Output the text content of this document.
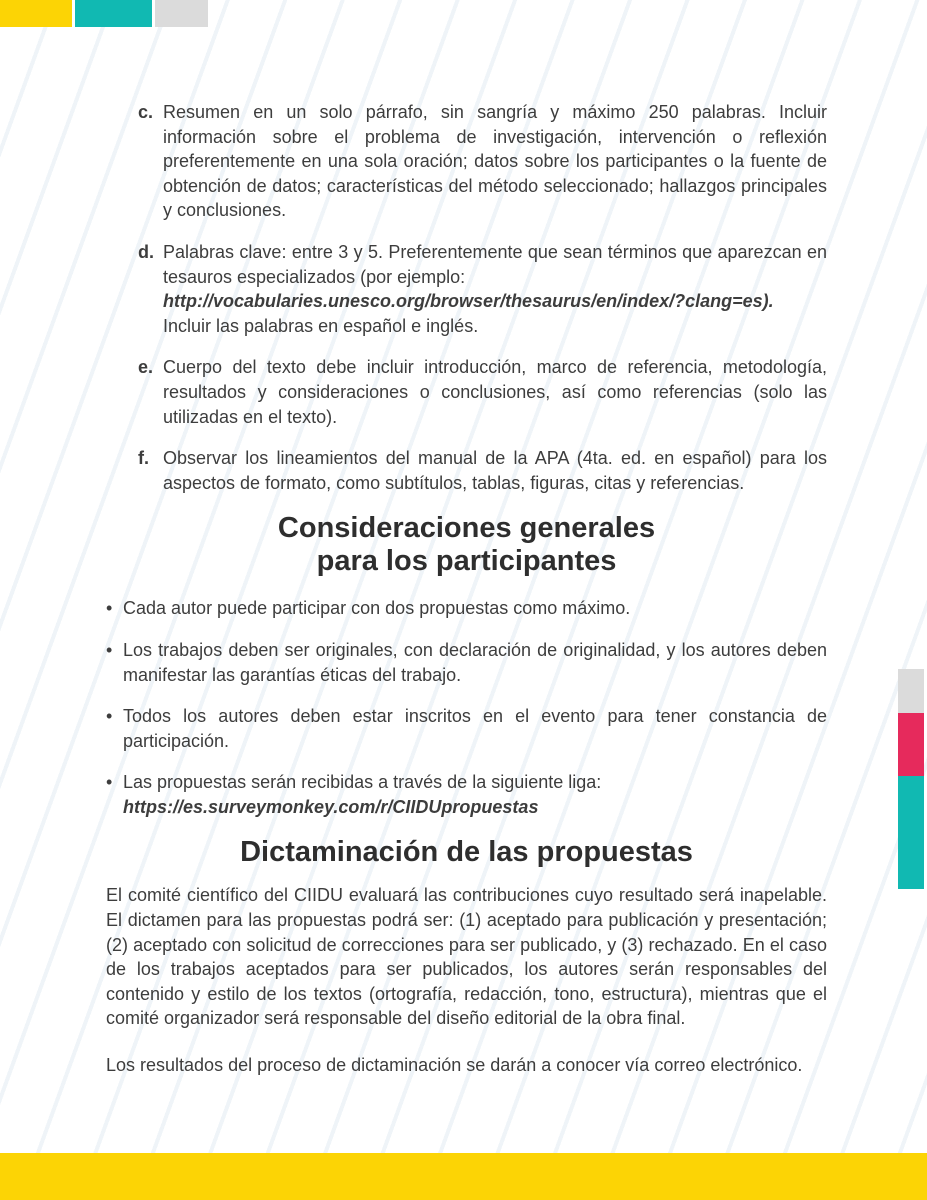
c. Resumen en un solo párrafo, sin sangría y máximo 250 palabras. Incluir información sobre el problema de investigación, intervención o reflexión preferentemente en una sola oración; datos sobre los participantes o la fuente de obtención de datos; características del método seleccionado; hallazgos principales y conclusiones.
d. Palabras clave: entre 3 y 5. Preferentemente que sean términos que aparezcan en tesauros especializados (por ejemplo:
http://vocabularies.unesco.org/browser/thesaurus/en/index/?clang=es).
Incluir las palabras en español e inglés.
e. Cuerpo del texto debe incluir introducción, marco de referencia, metodología, resultados y consideraciones o conclusiones, así como referencias (solo las utilizadas en el texto).
f. Observar los lineamientos del manual de la APA (4ta. ed. en español) para los aspectos de formato, como subtítulos, tablas, figuras, citas y referencias.
Consideraciones generales
para los participantes
• Cada autor puede participar con dos propuestas como máximo.
• Los trabajos deben ser originales, con declaración de originalidad, y los autores deben manifestar las garantías éticas del trabajo.
• Todos los autores deben estar inscritos en el evento para tener constancia de participación.
• Las propuestas serán recibidas a través de la siguiente liga:
https://es.surveymonkey.com/r/CIIDUpropuestas
Dictaminación de las propuestas

El comité científico del CIIDU evaluará las contribuciones cuyo resultado será inapelable. El dictamen para las propuestas podrá ser: (1) aceptado para publicación y presentación; (2) aceptado con solicitud de correcciones para ser publicado, y (3) rechazado. En el caso de los trabajos aceptados para ser publicados, los autores serán responsables del contenido y estilo de los textos (ortografía, redacción, tono, estructura), mientras que el comité organizador será responsable del diseño editorial de la obra final.

Los resultados del proceso de dictaminación se darán a conocer vía correo electrónico.
